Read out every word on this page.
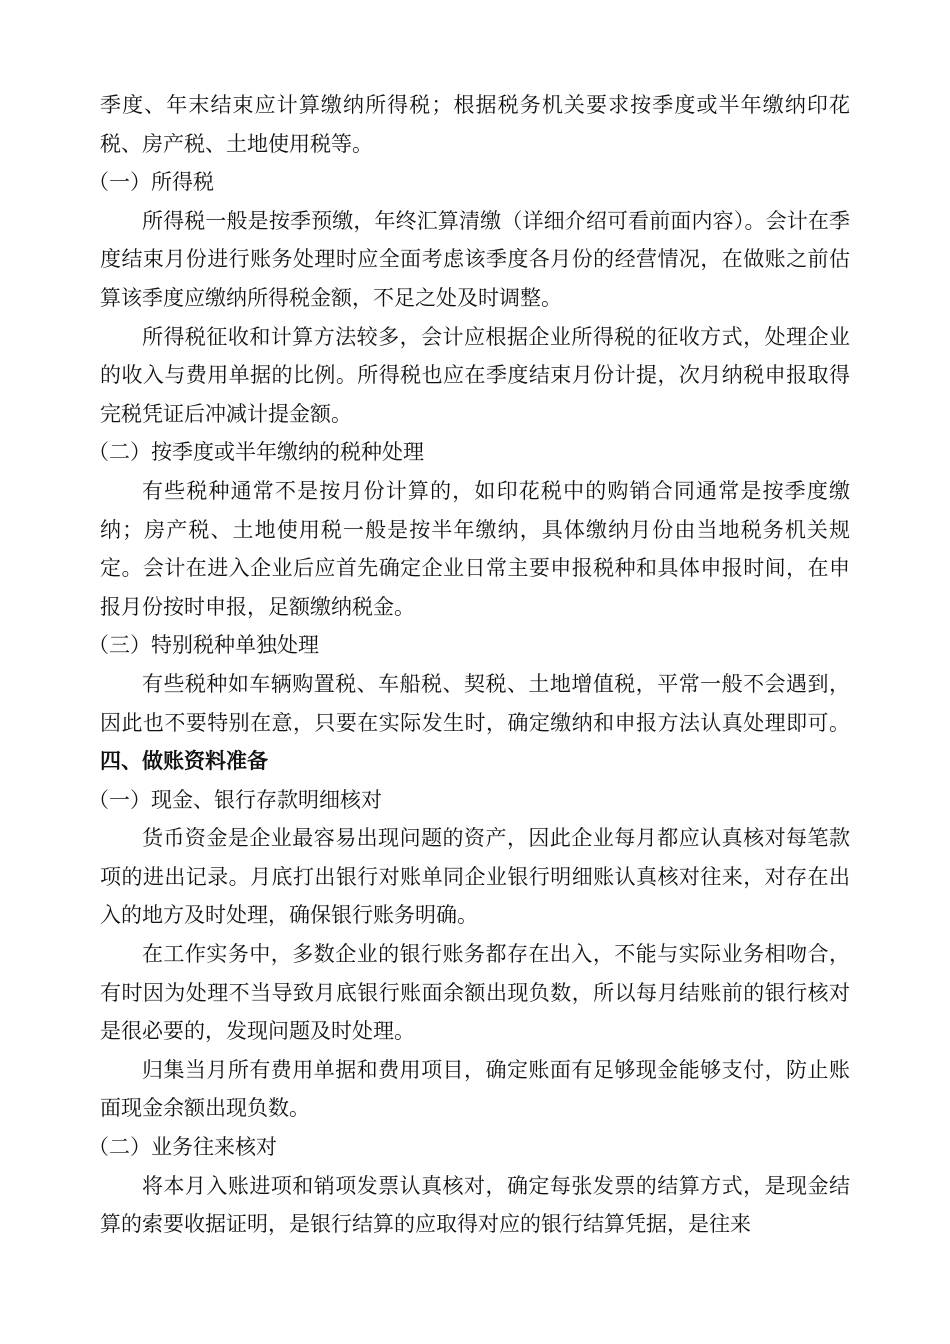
季度、年末结束应计算缴纳所得税；根据税务机关要求按季度或半年缴纳印花税、房产税、土地使用税等。

（一）所得税

所得税一般是按季预缴，年终汇算清缴（详细介绍可看前面内容）。会计在季度结束月份进行账务处理时应全面考虑该季度各月份的经营情况，在做账之前估算该季度应缴纳所得税金额，不足之处及时调整。

所得税征收和计算方法较多，会计应根据企业所得税的征收方式，处理企业的收入与费用单据的比例。所得税也应在季度结束月份计提，次月纳税申报取得完税凭证后冲减计提金额。

（二）按季度或半年缴纳的税种处理

有些税种通常不是按月份计算的，如印花税中的购销合同通常是按季度缴纳；房产税、土地使用税一般是按半年缴纳，具体缴纳月份由当地税务机关规定。会计在进入企业后应首先确定企业日常主要申报税种和具体申报时间，在申报月份按时申报，足额缴纳税金。

（三）特别税种单独处理

有些税种如车辆购置税、车船税、契税、土地增值税，平常一般不会遇到，因此也不要特别在意，只要在实际发生时，确定缴纳和申报方法认真处理即可。四、做账资料准备

（一）现金、银行存款明细核对

货币资金是企业最容易出现问题的资产，因此企业每月都应认真核对每笔款项的进出记录。月底打出银行对账单同企业银行明细账认真核对往来，对存在出入的地方及时处理，确保银行账务明确。

在工作实务中，多数企业的银行账务都存在出入，不能与实际业务相吻合，有时因为处理不当导致月底银行账面余额出现负数，所以每月结账前的银行核对是很必要的，发现问题及时处理。

归集当月所有费用单据和费用项目，确定账面有足够现金能够支付，防止账面现金余额出现负数。

（二）业务往来核对

将本月入账进项和销项发票认真核对，确定每张发票的结算方式，是现金结算的索要收据证明，是银行结算的应取得对应的银行结算凭据，是往来
